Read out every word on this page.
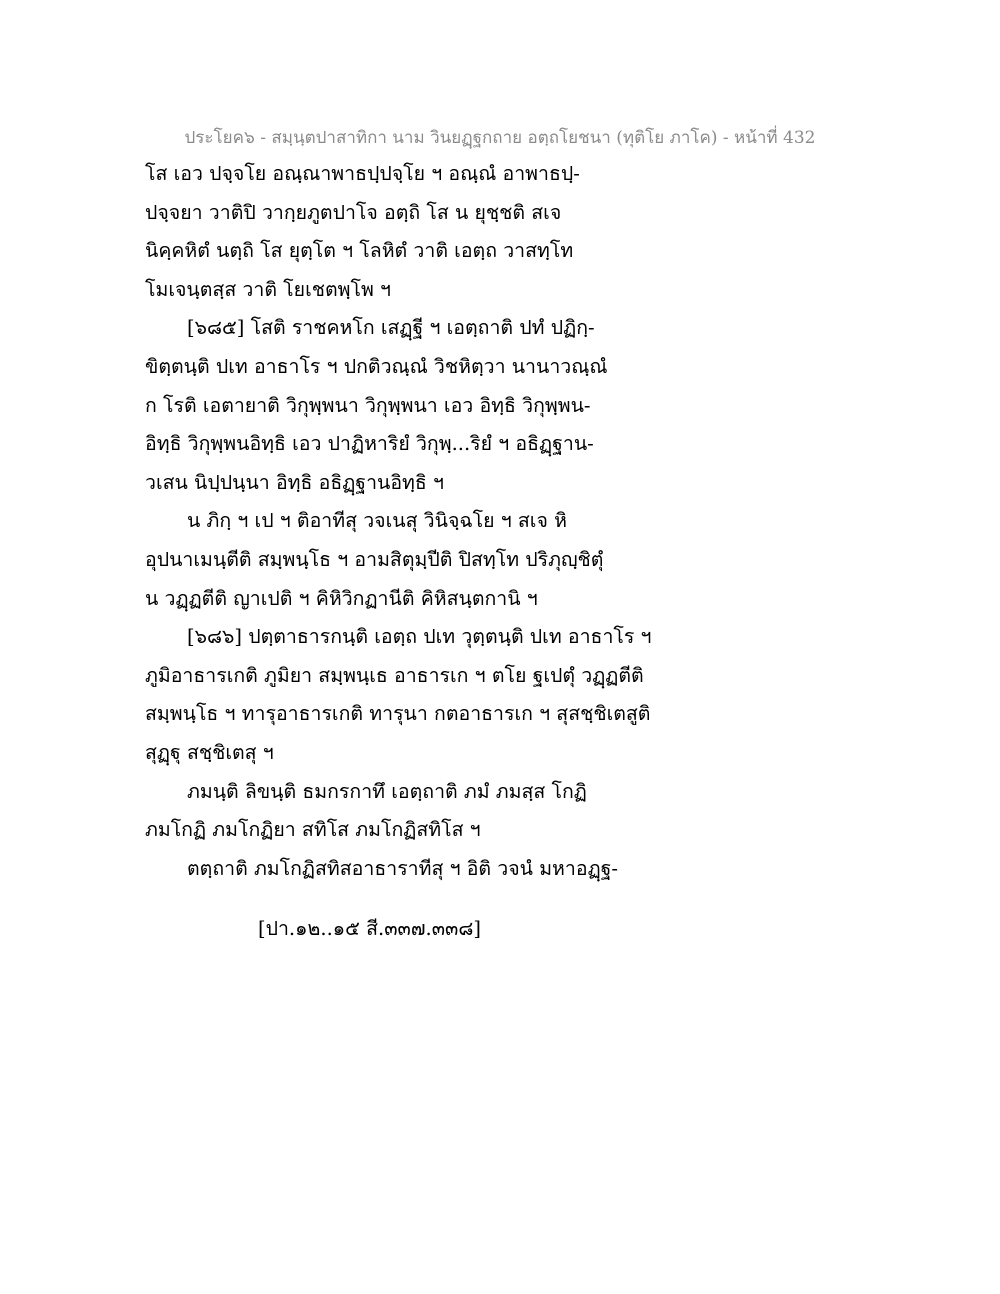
ประโยค๖ - สมฺนฺตปาสาทิกา นาม วินยฏฺฐกถาย อตฺถโยชนา (ทุติโย ภาโค) - หน้าที่ 432
โส เอว ปจฺจโย อณฺณาพาธปฺปจฺโย ฯ อณฺณํ อาพาธปฺ-
ปจฺจยา วาติปิ วากฺยภูตปาโจ อตฺถิ โส น ยุชฺชติ สเจ
นิคฺคหิตํ นตฺถิ โส ยุตฺโต ฯ โลหิตํ วาติ เอตฺถ วาสทฺโท
โมเจนฺตสฺส วาติ โยเชตพฺโพ ฯ
[๖๘๕] โสติ ราชคหโก เสฏฺฐี ฯ เอตฺถาติ ปทํ ปฏิกฺ-
ขิตฺตนฺติ ปเท อาธาโร ฯ ปกติวณฺณํ วิชหิตฺวา นานาวณฺณํ
ก โรติ เอตายาติ วิกุพฺพนา วิกุพฺพนา เอว อิทฺธิ วิกุพฺพน-
อิทฺธิ วิกุพฺพนอิทฺธิ เอว ปาฏิหาริยํ วิกุพฺ...ริยํ ฯ อธิฏฺฐาน-
วเสน นิปฺปนฺนา อิทฺธิ อธิฏฺฐานอิทฺธิ ฯ
น ภิกฺ ฯ เป ฯ ติอาทีสุ วจเนสุ วินิจฺฉโย ฯ สเจ หิ
อุปนาเมนฺตีติ สมฺพนฺโธ ฯ อามสิตุมฺปีติ ปิสทฺโท ปริภุญฺชิตุํ
น วฏฺฏตีติ ญาเปติ ฯ คิหิวิกฏานีติ คิหิสนฺตกานิ ฯ
[๖๘๖] ปตฺตาธารกนฺติ เอตฺถ ปเท วุตฺตนฺติ ปเท อาธาโร ฯ
ภูมิอาธารเกติ ภูมิยา สมฺพนฺเธ อาธารเก ฯ ตโย ฐเปตุํ วฏฺฏตีติ
สมฺพนฺโธ ฯ ทารุอาธารเกติ ทารุนา กตอาธารเก ฯ สุสชฺชิเตสูติ
สุฏฺฐุ สชฺชิเตสุ ฯ
ภมนฺติ ลิขนฺติ ธมกรกาทึ เอตฺถาติ ภมํ ภมสฺส โกฏิ
ภมโกฏิ ภมโกฏิยา สทิโส ภมโกฏิสทิโส ฯ
ตตฺถาติ ภมโกฏิสทิสอาธาราทีสุ ฯ อิติ วจนํ มหาอฏฺฐ-
[ปา.๑๒..๑๕ สี.๓๓๗.๓๓๘]
